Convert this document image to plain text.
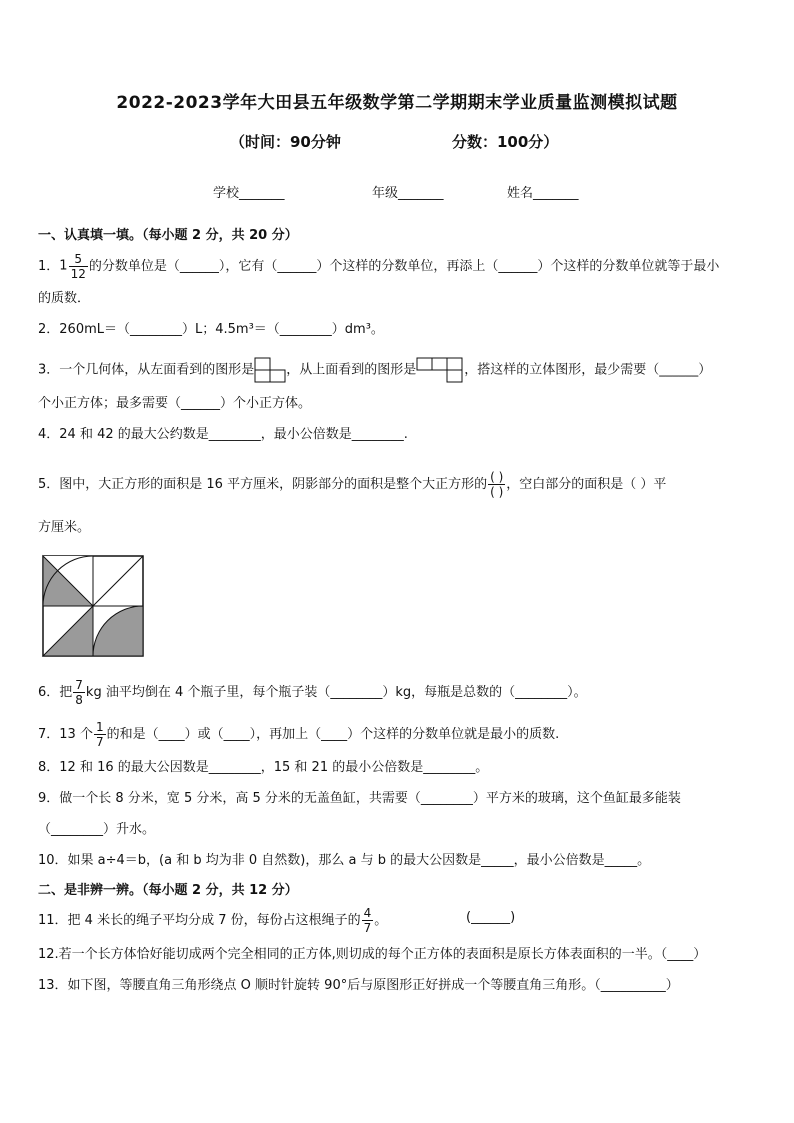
2022-2023学年大田县五年级数学第二学期期末学业质量监测模拟试题
（时间：90分钟	分数：100分）
学校_______	年级_______	姓名_______
一、认真填一填。（每小题 2 分，共 20 分）
1．$1 \frac{5}{12}$ 的分数单位是（______），它有（______）个这样的分数单位，再添上（______）个这样的分数单位就等于最小
的质数．
2．260mL＝（________）L；4.5m³＝（________）dm³。
3．一个几何体，从左面看到的图形是 ，从上面看到的图形是	，搭这样的立体图形，最少需要（______）
个小正方体；最多需要（______）个小正方体。
4．24 和 42 的最大公约数是________，最小公倍数是________.
5．图中，大正方形的面积是 16 平方厘米，阴影部分的面积是整个大正方形的 $\frac{( )}{( )}$ ，空白部分的面积是（ ）平
方厘米。
6．把 $\frac{7}{8}$ kg 油平均倒在 4 个瓶子里，每个瓶子装（________）kg，每瓶是总数的（________）。
7．13 个 $\frac{1}{7}$ 的和是（____）或（____），再加上（____）个这样的分数单位就是最小的质数.
8．12 和 16 的最大公因数是________，15 和 21 的最小公倍数是________。
9．做一个长 8 分米，宽 5 分米，高 5 分米的无盖鱼缸，共需要（________）平方米的玻璃，这个鱼缸最多能装
（________）升水。
10．如果 a÷4＝b，(a 和 b 均为非 0 自然数)，那么 a 与 b 的最大公因数是_____，最小公倍数是_____。
二、是非辨一辨。（每小题 2 分，共 12 分）
11．把 4 米长的绳子平均分成 7 份，每份占这根绳子的 $\frac{4}{7}$ 。	(______)
12.若一个长方体恰好能切成两个完全相同的正方体,则切成的每个正方体的表面积是原长方体表面积的一半。（____）
13．如下图，等腰直角三角形绕点 O 顺时针旋转 90°后与原图形正好拼成一个等腰直角三角形。（__________）
